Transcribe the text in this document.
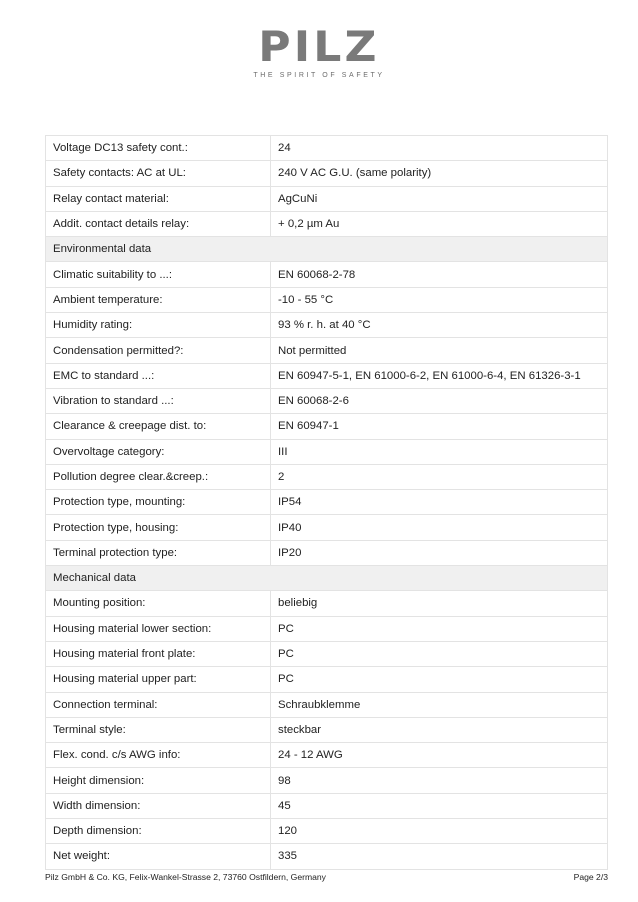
PILZ
THE SPIRIT OF SAFETY
Voltage DC13 safety cont.:	24
Safety contacts: AC at UL:	240 V AC G.U. (same polarity)
Relay contact material:	AgCuNi
Addit. contact details relay:	+ 0,2 µm Au
Environmental data	
Climatic suitability to ...:	EN 60068-2-78
Ambient temperature:	-10 - 55 °C
Humidity rating:	93 % r. h. at 40 °C
Condensation permitted?:	Not permitted
EMC to standard ...:	EN 60947-5-1, EN 61000-6-2, EN 61000-6-4, EN 61326-3-1
Vibration to standard ...:	EN 60068-2-6
Clearance & creepage dist. to:	EN 60947-1
Overvoltage category:	III
Pollution degree clear.&creep.:	2
Protection type, mounting:	IP54
Protection type, housing:	IP40
Terminal protection type:	IP20
Mechanical data	
Mounting position:	beliebig
Housing material lower section:	PC
Housing material front plate:	PC
Housing material upper part:	PC
Connection terminal:	Schraubklemme
Terminal style:	steckbar
Flex. cond. c/s AWG info:	24 - 12 AWG
Height dimension:	98
Width dimension:	45
Depth dimension:	120
Net weight:	335
Pilz GmbH & Co. KG, Felix-Wankel-Strasse 2, 73760 Ostfildern, Germany	Page 2/3
